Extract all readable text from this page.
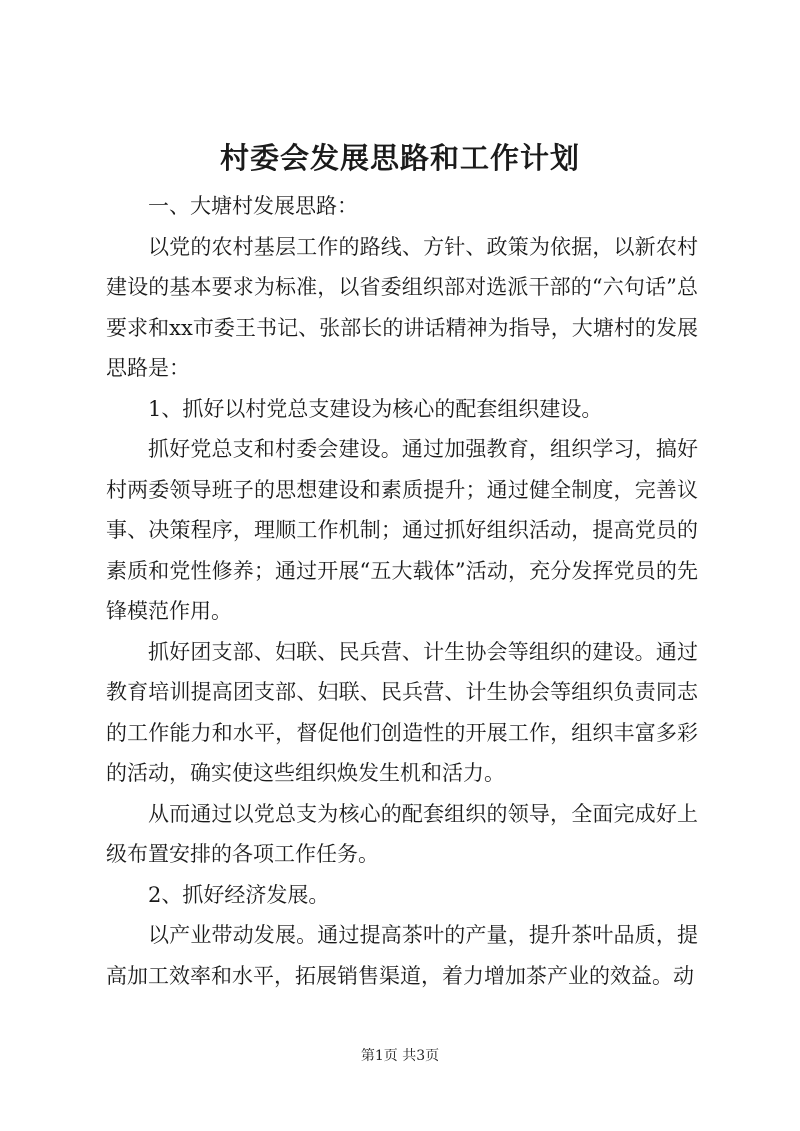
村委会发展思路和工作计划

一、大塘村发展思路：

以党的农村基层工作的路线、方针、政策为依据，以新农村建设的基本要求为标准，以省委组织部对选派干部的“六句话”总要求和xx市委王书记、张部长的讲话精神为指导，大塘村的发展思路是：

1、抓好以村党总支建设为核心的配套组织建设。

抓好党总支和村委会建设。通过加强教育，组织学习，搞好村两委领导班子的思想建设和素质提升；通过健全制度，完善议事、决策程序，理顺工作机制；通过抓好组织活动，提高党员的素质和党性修养；通过开展“五大载体”活动，充分发挥党员的先锋模范作用。

抓好团支部、妇联、民兵营、计生协会等组织的建设。通过教育培训提高团支部、妇联、民兵营、计生协会等组织负责同志的工作能力和水平，督促他们创造性的开展工作，组织丰富多彩的活动，确实使这些组织焕发生机和活力。

从而通过以党总支为核心的配套组织的领导，全面完成好上级布置安排的各项工作任务。

2、抓好经济发展。

以产业带动发展。通过提高茶叶的产量，提升茶叶品质，提高加工效率和水平，拓展销售渠道，着力增加茶产业的效益。动

第1页 共3页
